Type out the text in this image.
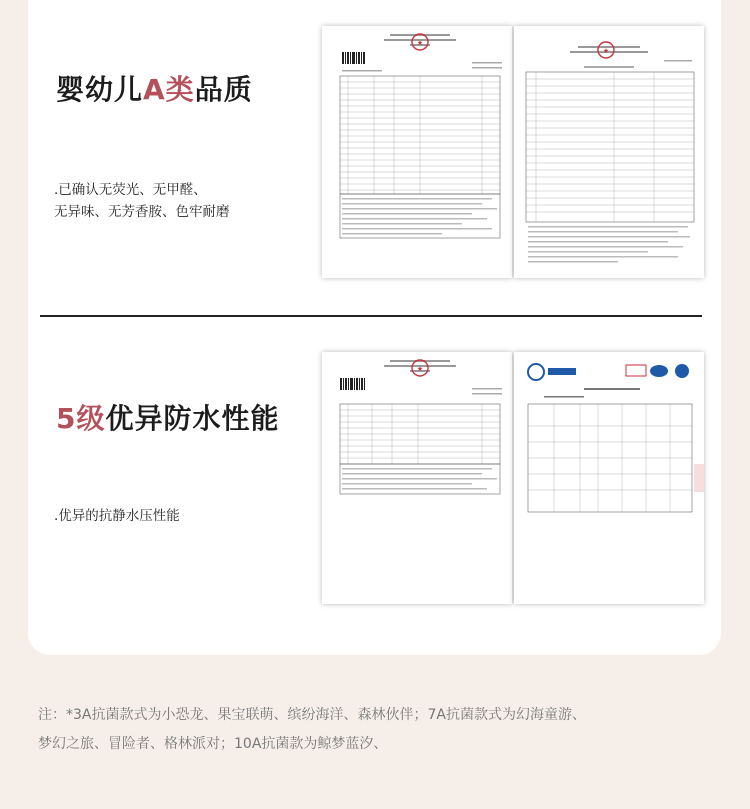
婴幼儿A类品质
.已确认无荧光、无甲醛、
无异味、无芳香胺、色牢耐磨
★
★
5级优异防水性能
.优异的抗静水压性能
★
注：*3A抗菌款式为小恐龙、果宝联萌、缤纷海洋、森林伙伴；7A抗菌款式为幻海童游、
梦幻之旅、冒险者、格林派对；10A抗菌款为鲸梦蓝汐、
